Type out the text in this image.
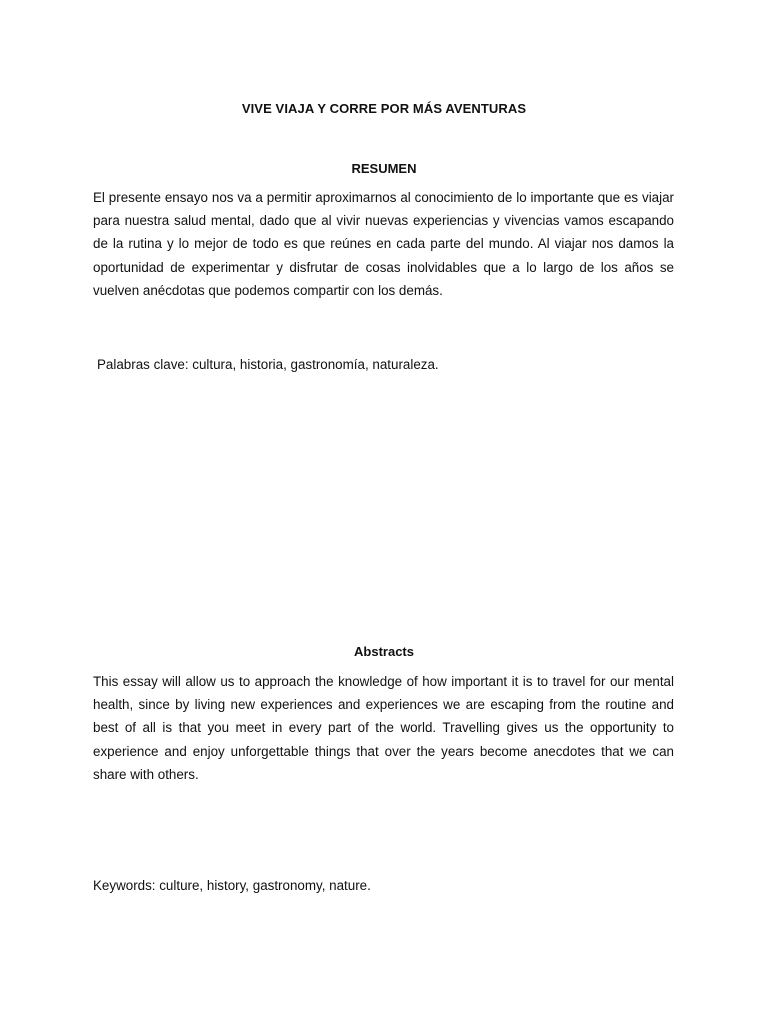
VIVE VIAJA Y CORRE POR MÁS AVENTURAS
RESUMEN

El presente ensayo nos va a permitir aproximarnos al conocimiento de lo importante que es viajar para nuestra salud mental, dado que al vivir nuevas experiencias y vivencias vamos escapando de la rutina y lo mejor de todo es que reúnes en cada parte del mundo. Al viajar nos damos la oportunidad de experimentar y disfrutar de cosas inolvidables que a lo largo de los años se vuelven anécdotas que podemos compartir con los demás.

Palabras clave: cultura, historia, gastronomía, naturaleza.

Abstracts

This essay will allow us to approach the knowledge of how important it is to travel for our mental health, since by living new experiences and experiences we are escaping from the routine and best of all is that you meet in every part of the world. Travelling gives us the opportunity to experience and enjoy unforgettable things that over the years become anecdotes that we can share with others.

Keywords: culture, history, gastronomy, nature.
